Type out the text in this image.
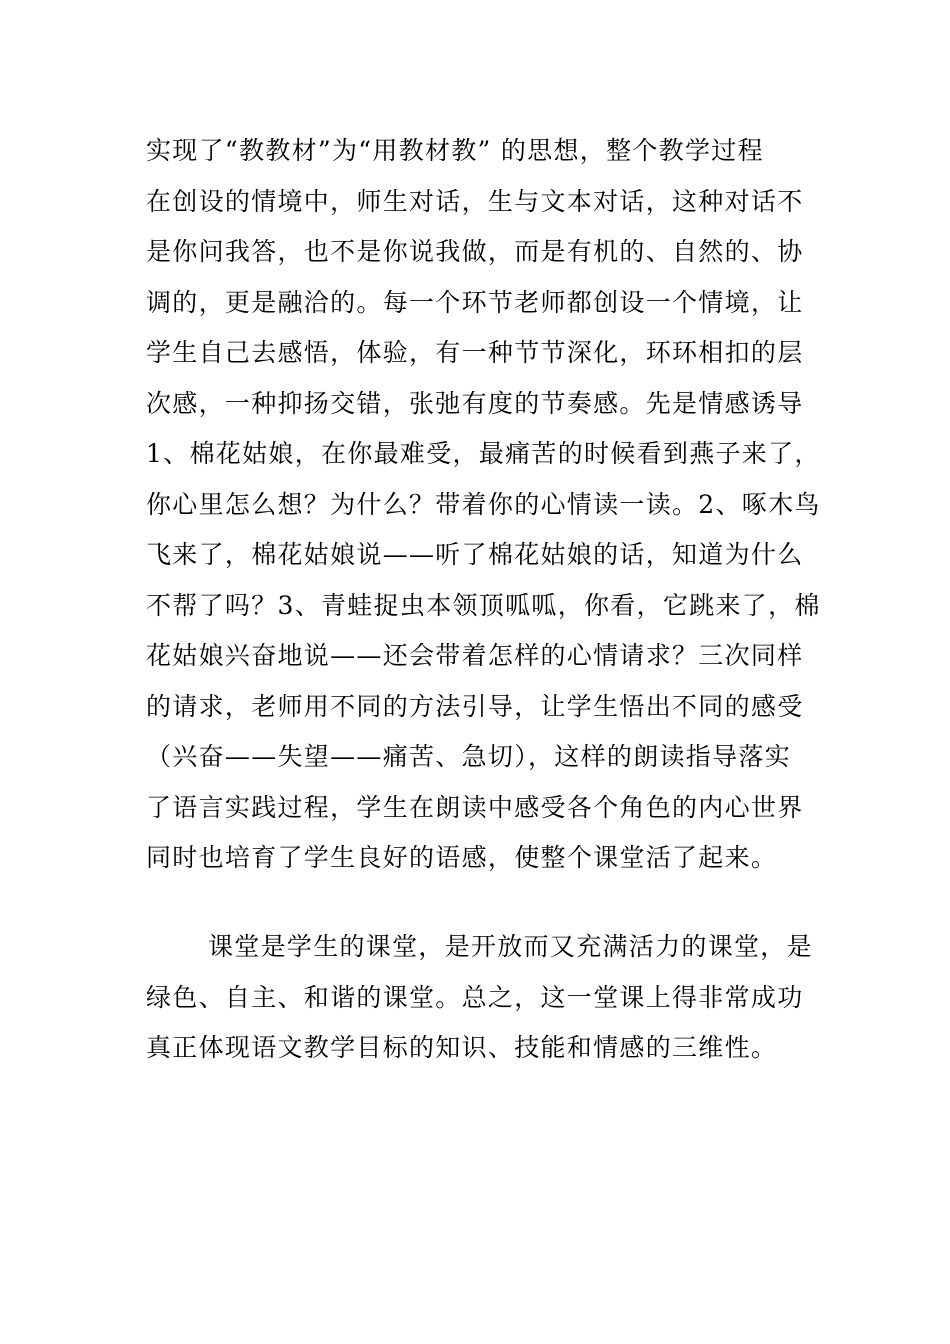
实现了“教教材”为“用教材教” 的思想，整个教学过程
在创设的情境中，师生对话，生与文本对话，这种对话不
是你问我答，也不是你说我做，而是有机的、自然的、协
调的，更是融洽的。每一个环节老师都创设一个情境，让
学生自己去感悟，体验，有一种节节深化，环环相扣的层
次感，一种抑扬交错，张弛有度的节奏感。先是情感诱导
1、棉花姑娘，在你最难受，最痛苦的时候看到燕子来了，
你心里怎么想？为什么？带着你的心情读一读。2、啄木鸟
飞来了，棉花姑娘说——听了棉花姑娘的话，知道为什么
不帮了吗？3、青蛙捉虫本领顶呱呱，你看，它跳来了，棉
花姑娘兴奋地说——还会带着怎样的心情请求？三次同样
的请求，老师用不同的方法引导，让学生悟出不同的感受
（兴奋——失望——痛苦、急切），这样的朗读指导落实
了语言实践过程，学生在朗读中感受各个角色的内心世界
同时也培育了学生良好的语感，使整个课堂活了起来。
课堂是学生的课堂，是开放而又充满活力的课堂，是
绿色、自主、和谐的课堂。总之，这一堂课上得非常成功
真正体现语文教学目标的知识、技能和情感的三维性。
